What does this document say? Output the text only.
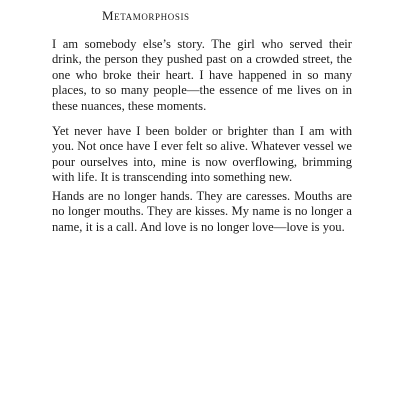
Metamorphosis

I am somebody else’s story. The girl who served their drink, the person they pushed past on a crowded street, the one who broke their heart. I have happened in so many places, to so many people—the essence of me lives on in these nuances, these moments.

Yet never have I been bolder or brighter than I am with you. Not once have I ever felt so alive. Whatever vessel we pour ourselves into, mine is now overflowing, brimming with life. It is transcending into something new.

Hands are no longer hands. They are caresses. Mouths are no longer mouths. They are kisses. My name is no longer a name, it is a call. And love is no longer love—love is you.
